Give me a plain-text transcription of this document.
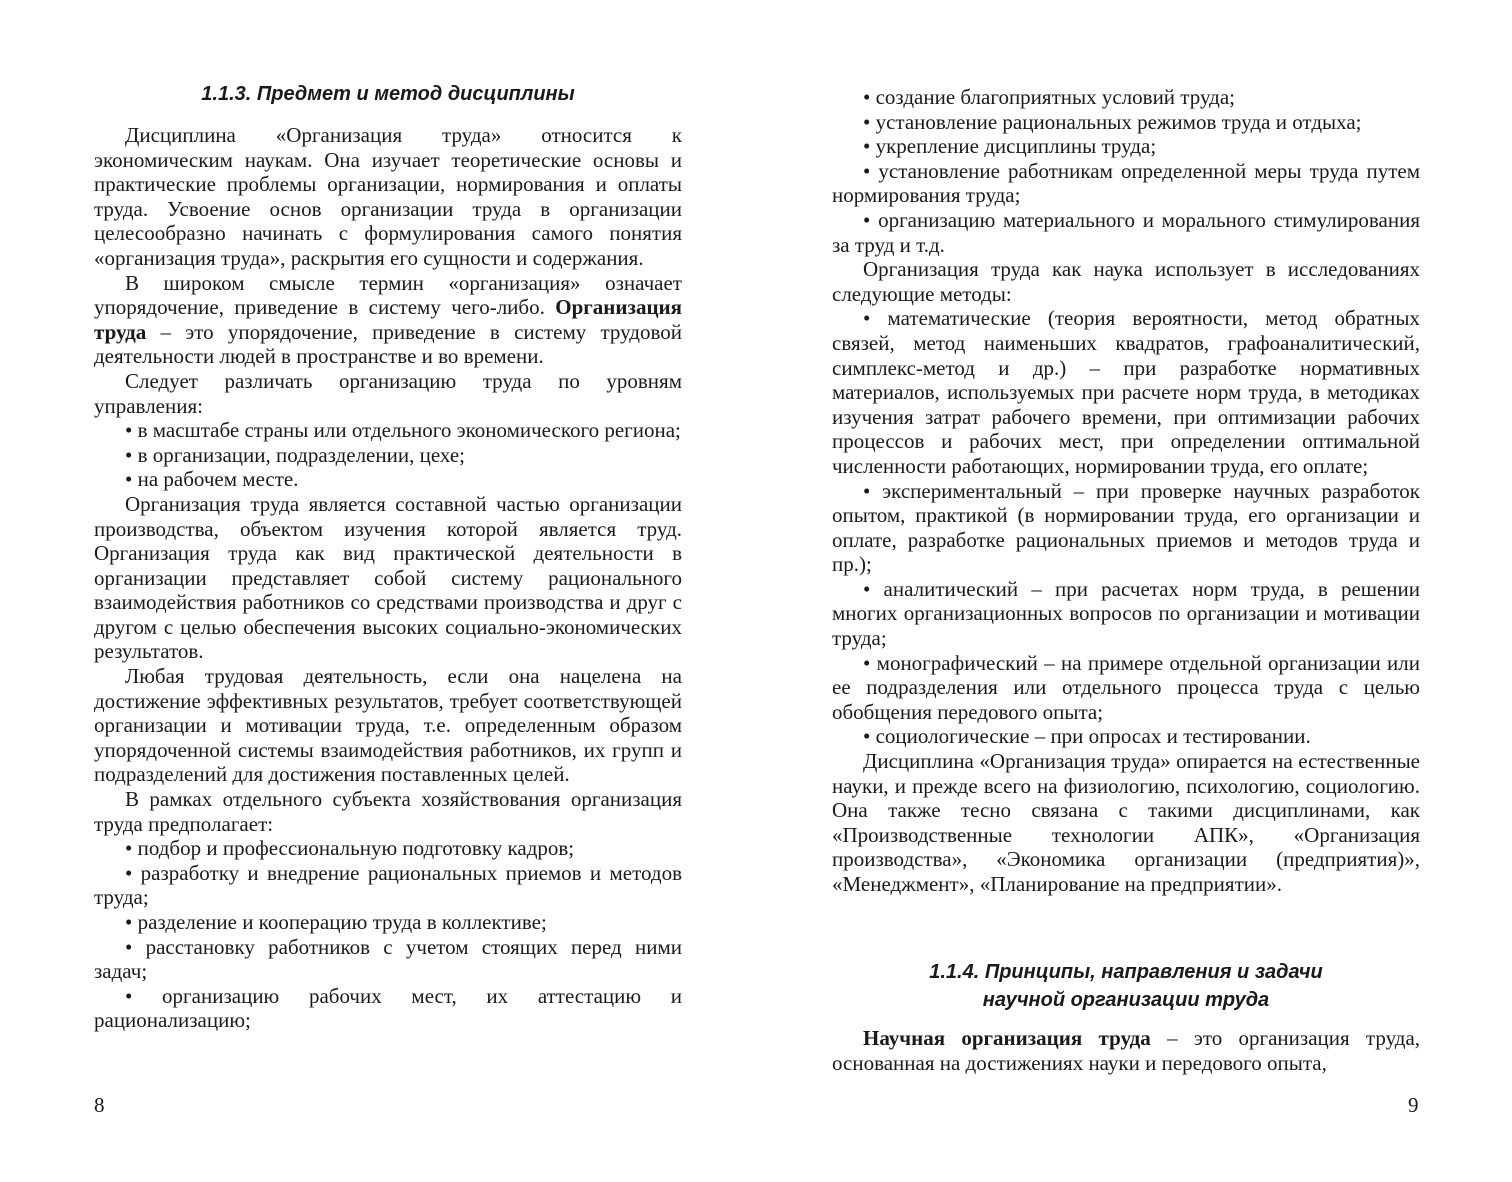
1.1.3. Предмет и метод дисциплины

Дисциплина «Организация труда» относится к экономическим наукам. Она изучает теоретические основы и практические проблемы организации, нормирования и оплаты труда. Усвоение основ организации труда в организации целесообразно начинать с формулирования самого понятия «организация труда», раскрытия его сущности и содержания.

В широком смысле термин «организация» означает упорядочение, приведение в систему чего-либо. Организация труда – это упорядочение, приведение в систему трудовой деятельности людей в пространстве и во времени.

Следует различать организацию труда по уровням управления:

• в масштабе страны или отдельного экономического региона;

• в организации, подразделении, цехе;

• на рабочем месте.

Организация труда является составной частью организации производства, объектом изучения которой является труд. Организация труда как вид практической деятельности в организации представляет собой систему рационального взаимодействия работников со средствами производства и друг с другом с целью обеспечения высоких социально-экономических результатов.

Любая трудовая деятельность, если она нацелена на достижение эффективных результатов, требует соответствующей организации и мотивации труда, т.е. определенным образом упорядоченной системы взаимодействия работников, их групп и подразделений для достижения поставленных целей.

В рамках отдельного субъекта хозяйствования организация труда предполагает:

• подбор и профессиональную подготовку кадров;

• разработку и внедрение рациональных приемов и методов труда;

• разделение и кооперацию труда в коллективе;

• расстановку работников с учетом стоящих перед ними задач;

• организацию рабочих мест, их аттестацию и рационализацию;

• создание благоприятных условий труда;

• установление рациональных режимов труда и отдыха;

• укрепление дисциплины труда;

• установление работникам определенной меры труда путем нормирования труда;

• организацию материального и морального стимулирования за труд и т.д.

Организация труда как наука использует в исследованиях следующие методы:

• математические (теория вероятности, метод обратных связей, метод наименьших квадратов, графоаналитический, симплекс-метод и др.) – при разработке нормативных материалов, используемых при расчете норм труда, в методиках изучения затрат рабочего времени, при оптимизации рабочих процессов и рабочих мест, при определении оптимальной численности работающих, нормировании труда, его оплате;

• экспериментальный – при проверке научных разработок опытом, практикой (в нормировании труда, его организации и оплате, разработке рациональных приемов и методов труда и пр.);

• аналитический – при расчетах норм труда, в решении многих организационных вопросов по организации и мотивации труда;

• монографический – на примере отдельной организации или ее подразделения или отдельного процесса труда с целью обобщения передового опыта;

• социологические – при опросах и тестировании.

Дисциплина «Организация труда» опирается на естественные науки, и прежде всего на физиологию, психологию, социологию. Она также тесно связана с такими дисциплинами, как «Производственные технологии АПК», «Организация производства», «Экономика организации (предприятия)», «Менеджмент», «Планирование на предприятии».

1.1.4. Принципы, направления и задачи
научной организации труда

Научная организация труда – это организация труда, основанная на достижениях науки и передового опыта,

8	9
